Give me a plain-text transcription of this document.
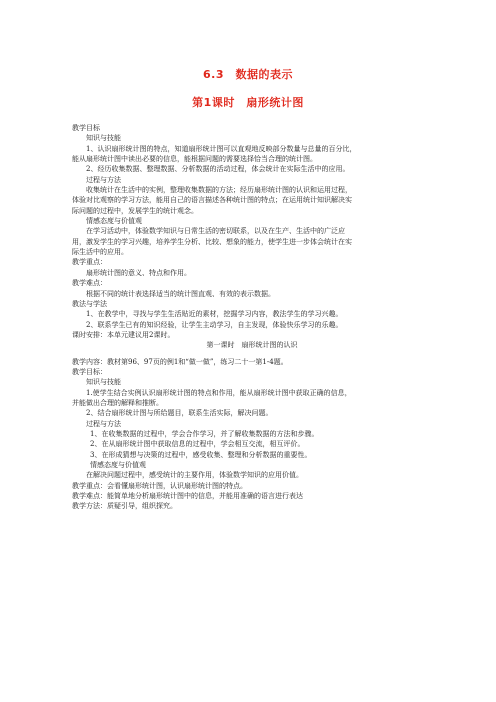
6.3　数据的表示
第1课时　扇形统计图
教学目标
知识与技能
1、认识扇形统计图的特点，知道扇形统计图可以直观地反映部分数量与总量的百分比，
能从扇形统计图中读出必要的信息，能根据问题的需要选择恰当合理的统计图。
2、经历收集数据、整理数据、分析数据的活动过程，体会统计在实际生活中的应用。
过程与方法
收集统计在生活中的实例，整理收集数据的方法；经历扇形统计图的认识和运用过程，
体验对比观察的学习方法，能用自己的语言描述各种统计图的特点；在运用统计知识解决实
际问题的过程中，发展学生的统计观念。
情感态度与价值观
在学习活动中，体验数学知识与日常生活的密切联系，以及在生产、生活中的广泛应
用，激发学生的学习兴趣，培养学生分析、比较、想象的能力，使学生进一步体会统计在实
际生活中的应用。
教学重点：
扇形统计图的意义、特点和作用。
教学难点：
根据不同的统计表选择适当的统计图直观、有效的表示数据。
教法与学法
1、在教学中，寻找与学生生活贴近的素材，挖掘学习内容，教法学生的学习兴趣。
2、联系学生已有的知识经验，让学生主动学习，自主发现，体验快乐学习的乐趣。
课时安排：本单元建议用2课时。
第一课时　扇形统计图的认识
教学内容：教材第96、97页的例1和“做一做”，练习二十一第1-4题。
教学目标：
知识与技能
1.使学生结合实例认识扇形统计图的特点和作用，能从扇形统计图中获取正确的信息，
并能做出合理的解释和推断。
2、结合扇形统计图与所给题目，联系生活实际，解决问题。
过程与方法
1、在收集数据的过程中，学会合作学习，并了解收集数据的方法和步骤。
2、在从扇形统计图中获取信息的过程中，学会相互交流，相互评价。
3、在形成猜想与决策的过程中，感受收集、整理和分析数据的重要性。
情感态度与价值观
在解决问题过程中，感受统计的主要作用，体验数学知识的应用价值。
教学重点：会看懂扇形统计图，认识扇形统计图的特点。
教学难点：能简单地分析扇形统计图中的信息，并能用准确的语言进行表达
教学方法：质疑引导，组织探究。
